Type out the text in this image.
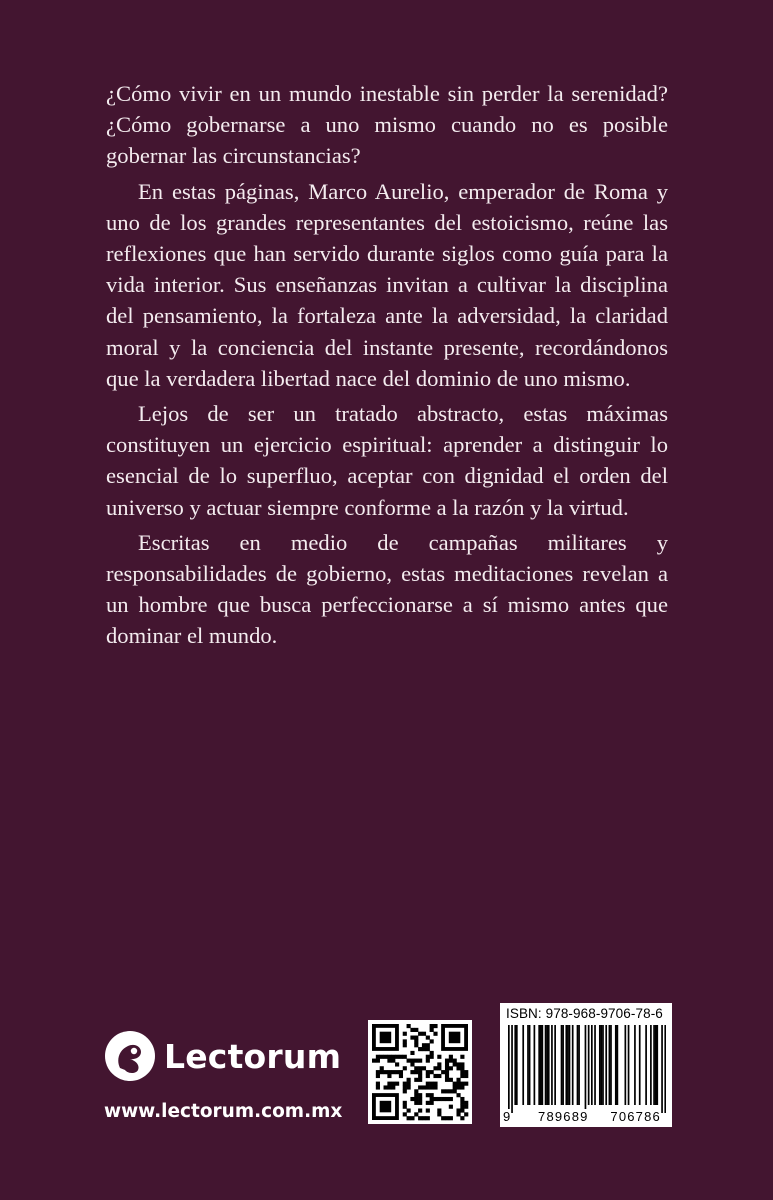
¿Cómo vivir en un mundo inestable sin perder la serenidad? ¿Cómo gobernarse a uno mismo cuando no es posible gobernar las circunstancias?

En estas páginas, Marco Aurelio, emperador de Roma y uno de los grandes representantes del estoicismo, reúne las reflexiones que han servido durante siglos como guía para la vida interior. Sus enseñanzas invitan a cultivar la disciplina del pensamiento, la fortaleza ante la adversidad, la claridad moral y la conciencia del instante presente, recordándonos que la verdadera libertad nace del dominio de uno mismo.

Lejos de ser un tratado abstracto, estas máximas constituyen un ejercicio espiritual: aprender a distinguir lo esencial de lo superfluo, aceptar con dignidad el orden del universo y actuar siempre conforme a la razón y la virtud.

Escritas en medio de campañas militares y responsabilidades de gobierno, estas meditaciones revelan a un hombre que busca perfeccionarse a sí mismo antes que dominar el mundo.

Lectorum
www.lectorum.com.mx
ISBN: 978-968-9706-78-6
9 789689 706786
